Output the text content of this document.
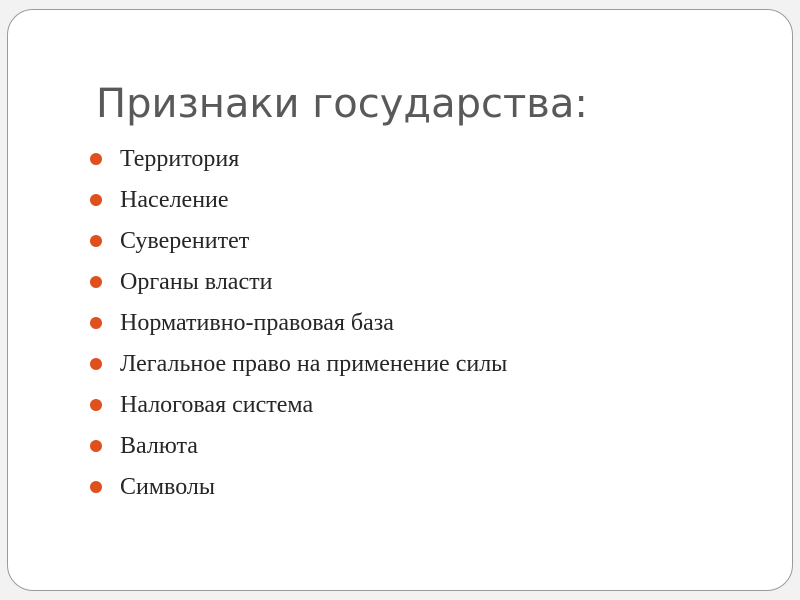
Признаки государства:
Территория
Население
Суверенитет
Органы власти
Нормативно-правовая база
Легальное право на применение силы
Налоговая система
Валюта
Символы
